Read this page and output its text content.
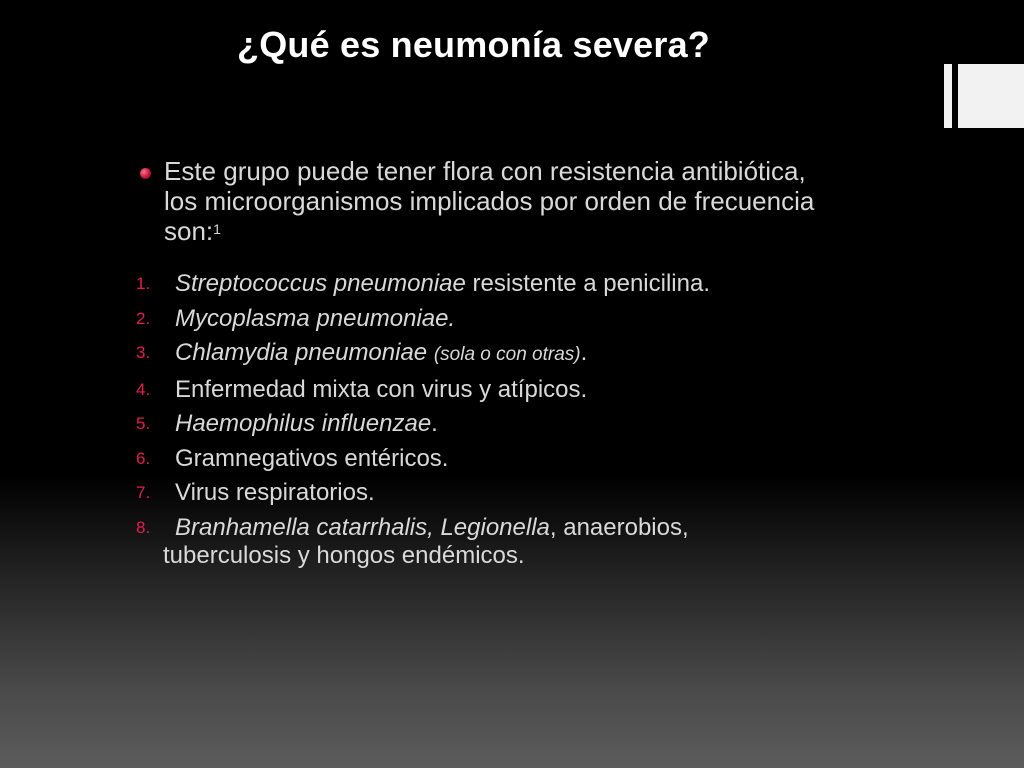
¿Qué es neumonía severa?
Este grupo puede tener flora con resistencia antibiótica, los microorganismos implicados por orden de frecuencia son:$^1$
1. Streptococcus pneumoniae resistente a penicilina.
2. Mycoplasma pneumoniae.
3. Chlamydia pneumoniae (sola o con otras).
4. Enfermedad mixta con virus y atípicos.
5. Haemophilus influenzae.
6. Gramnegativos entéricos.
7. Virus respiratorios.
8. Branhamella catarrhalis, Legionella, anaerobios,
tuberculosis y hongos endémicos.
